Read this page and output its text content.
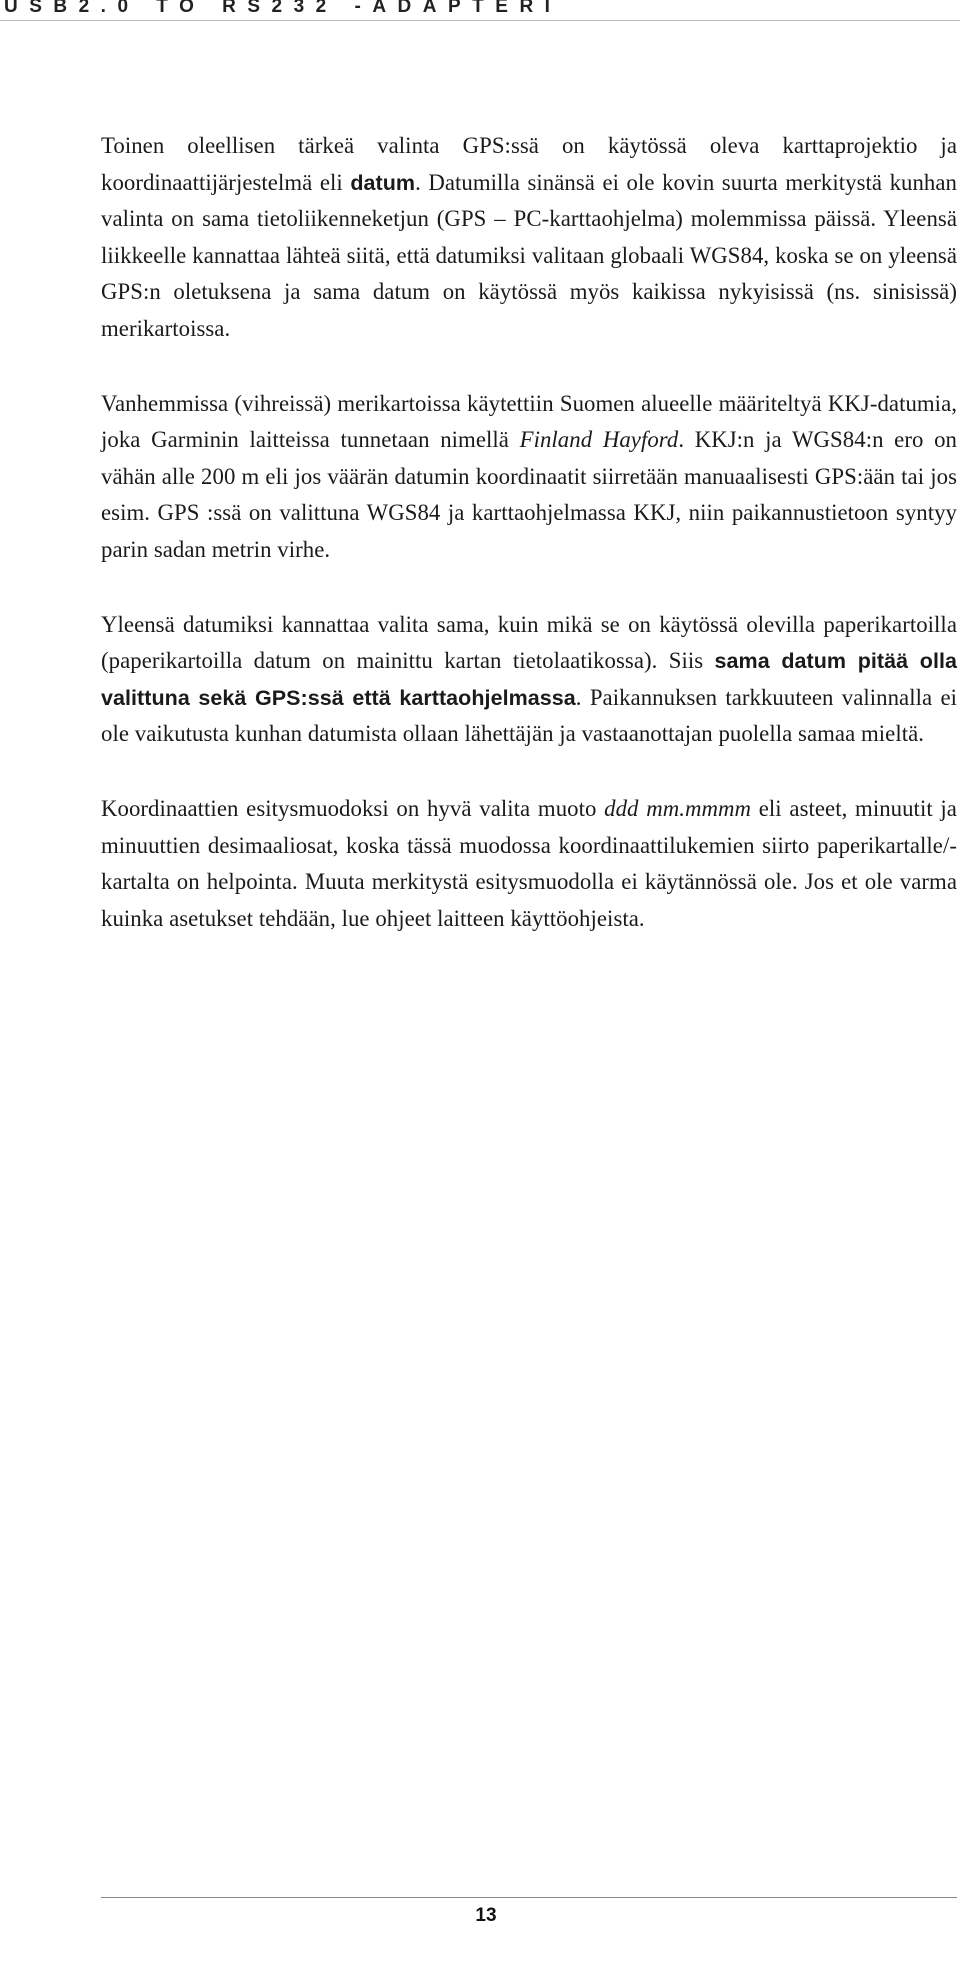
USB2.0 TO RS232 -ADAPTERI

Toinen oleellisen tärkeä valinta GPS:ssä on käytössä oleva karttaprojektio ja koordinaattijärjestelmä eli datum. Datumilla sinänsä ei ole kovin suurta merkitystä kunhan valinta on sama tietoliikenneketjun (GPS – PC-karttaohjelma) molemmissa päissä. Yleensä liikkeelle kannattaa lähteä siitä, että datumiksi valitaan globaali WGS84, koska se on yleensä GPS:n oletuksena ja sama datum on käytössä myös kaikissa nykyisissä (ns. sinisissä) merikartoissa.

Vanhemmissa (vihreissä) merikartoissa käytettiin Suomen alueelle määriteltyä KKJ-datumia, joka Garminin laitteissa tunnetaan nimellä Finland Hayford. KKJ:n ja WGS84:n ero on vähän alle 200 m eli jos väärän datumin koordinaatit siirretään manuaalisesti GPS:ään tai jos esim. GPS :ssä on valittuna WGS84 ja karttaohjelmassa KKJ, niin paikannustietoon syntyy parin sadan metrin virhe.

Yleensä datumiksi kannattaa valita sama, kuin mikä se on käytössä olevilla paperikartoilla (paperikartoilla datum on mainittu kartan tietolaatikossa). Siis sama datum pitää olla valittuna sekä GPS:ssä että karttaohjelmassa. Paikannuksen tarkkuuteen valinnalla ei ole vaikutusta kunhan datumista ollaan lähettäjän ja vastaanottajan puolella samaa mieltä.

Koordinaattien esitysmuodoksi on hyvä valita muoto ddd mm.mmmm eli asteet, minuutit ja minuuttien desimaaliosat, koska tässä muodossa koordinaattilukemien siirto paperikartalle/-kartalta on helpointa. Muuta merkitystä esitysmuodolla ei käytännössä ole. Jos et ole varma kuinka asetukset tehdään, lue ohjeet laitteen käyttöohjeista.

13
